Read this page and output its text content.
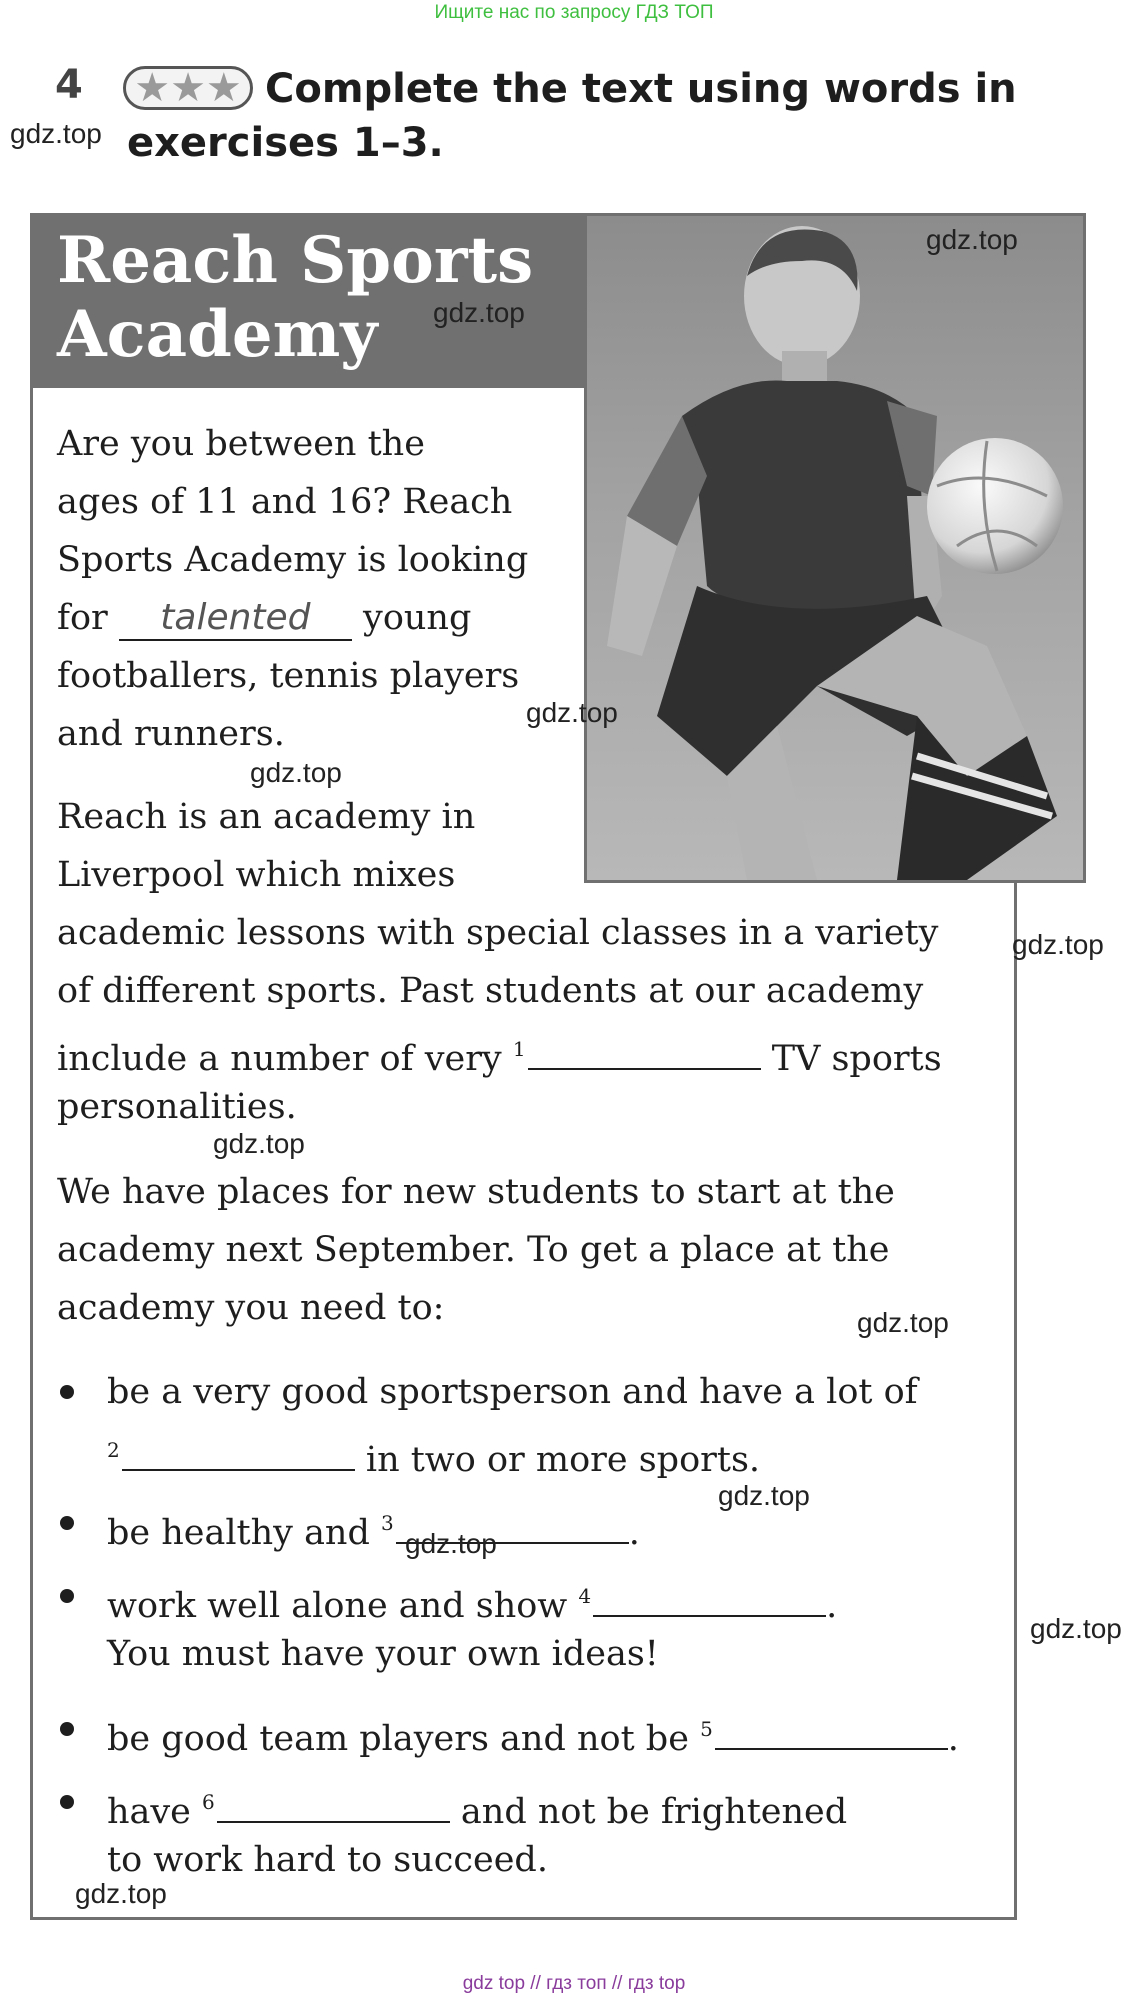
Ищите нас по запросу ГДЗ ТОП
4 ★★★ Complete the text using words in
exercises 1–3.
Reach Sports
Academy
Are you between the
ages of 11 and 16? Reach
Sports Academy is looking
for talented young
footballers, tennis players
and runners.
Reach is an academy in
Liverpool which mixes
academic lessons with special classes in a variety
of different sports. Past students at our academy
include a number of very $^1$	TV sports
personalities.
We have places for new students to start at the
academy next September. To get a place at the
academy you need to:
be a very good sportsperson and have a lot of
$^2$	in two or more sports.
be healthy and $^3$	.
work well alone and show $^4$	.
You must have your own ideas!
be good team players and not be $^5$	.
have $^6$	and not be frightened
to work hard to succeed.
gdz.top
gdz.top
gdz.top
gdz.top
gdz.top
gdz.top
gdz.top
gdz.top
gdz.top
gdz.top
gdz.top
gdz.top
gdz top // гдз топ // гдз top
